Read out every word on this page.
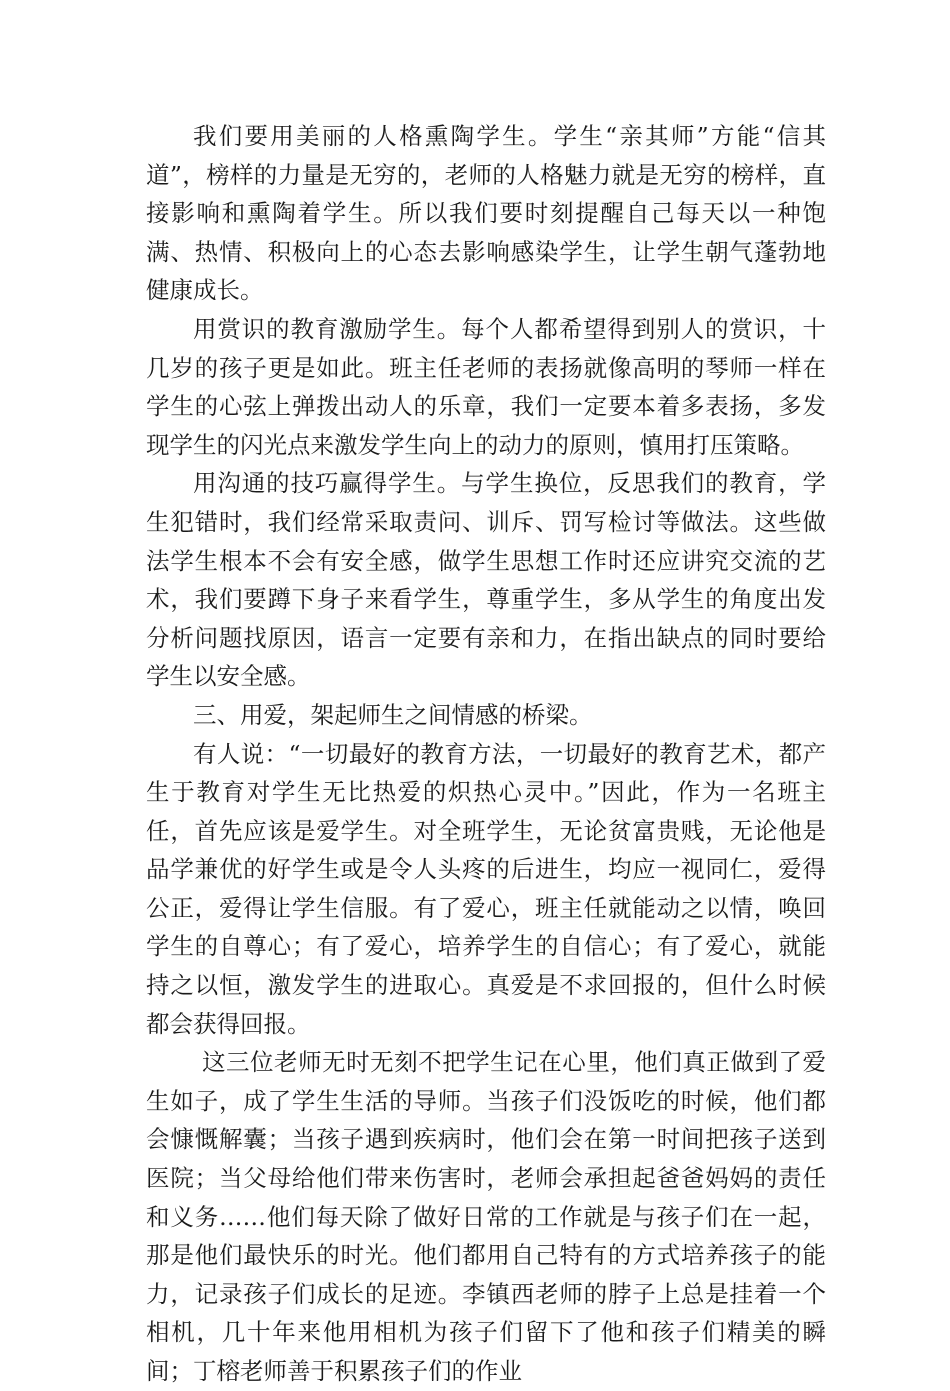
我们要用美丽的人格熏陶学生。学生“亲其师”方能“信其道”，榜样的力量是无穷的，老师的人格魅力就是无穷的榜样，直接影响和熏陶着学生。所以我们要时刻提醒自己每天以一种饱满、热情、积极向上的心态去影响感染学生，让学生朝气蓬勃地健康成长。

用赏识的教育激励学生。每个人都希望得到别人的赏识，十几岁的孩子更是如此。班主任老师的表扬就像高明的琴师一样在学生的心弦上弹拨出动人的乐章，我们一定要本着多表扬，多发现学生的闪光点来激发学生向上的动力的原则，慎用打压策略。

用沟通的技巧赢得学生。与学生换位，反思我们的教育，学生犯错时，我们经常采取责问、训斥、罚写检讨等做法。这些做法学生根本不会有安全感，做学生思想工作时还应讲究交流的艺术，我们要蹲下身子来看学生，尊重学生，多从学生的角度出发分析问题找原因，语言一定要有亲和力，在指出缺点的同时要给学生以安全感。

三、用爱，架起师生之间情感的桥梁。

有人说：“一切最好的教育方法，一切最好的教育艺术，都产生于教育对学生无比热爱的炽热心灵中。”因此，作为一名班主任，首先应该是爱学生。对全班学生，无论贫富贵贱，无论他是品学兼优的好学生或是令人头疼的后进生，均应一视同仁，爱得公正，爱得让学生信服。有了爱心，班主任就能动之以情，唤回学生的自尊心；有了爱心，培养学生的自信心；有了爱心，就能持之以恒，激发学生的进取心。真爱是不求回报的，但什么时候都会获得回报。

这三位老师无时无刻不把学生记在心里，他们真正做到了爱生如子，成了学生生活的导师。当孩子们没饭吃的时候，他们都会慷慨解囊；当孩子遇到疾病时，他们会在第一时间把孩子送到医院；当父母给他们带来伤害时，老师会承担起爸爸妈妈的责任和义务……他们每天除了做好日常的工作就是与孩子们在一起，那是他们最快乐的时光。他们都用自己特有的方式培养孩子的能力，记录孩子们成长的足迹。李镇西老师的脖子上总是挂着一个相机，几十年来他用相机为孩子们留下了他和孩子们精美的瞬间；丁榕老师善于积累孩子们的作业
